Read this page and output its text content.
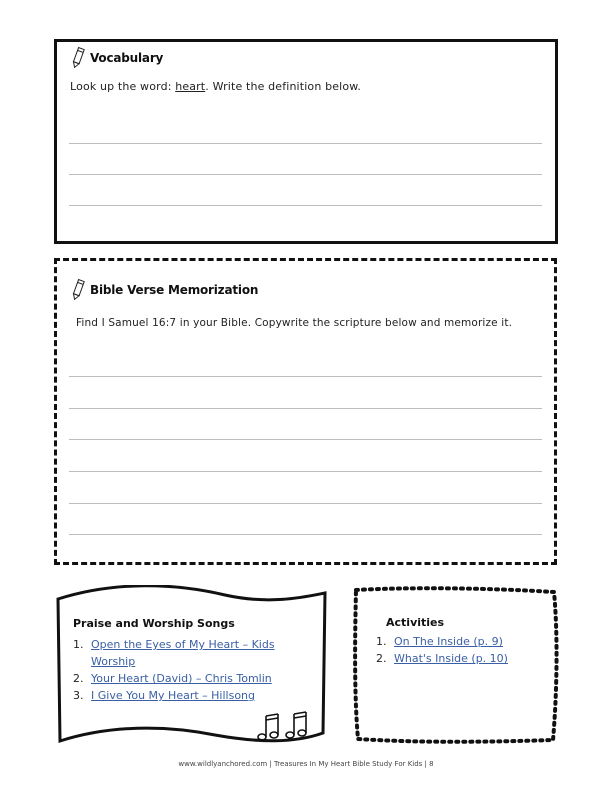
Vocabulary
Look up the word: heart. Write the definition below.
Bible Verse Memorization
Find I Samuel 16:7 in your Bible. Copywrite the scripture below and memorize it.
Praise and Worship Songs
1. Open the Eyes of My Heart – Kids
Worship
2. Your Heart (David) – Chris Tomlin
3. I Give You My Heart – Hillsong
Activities
1. On The Inside (p. 9)
2. What's Inside (p. 10)
www.wildlyanchored.com | Treasures In My Heart Bible Study For Kids | 8
